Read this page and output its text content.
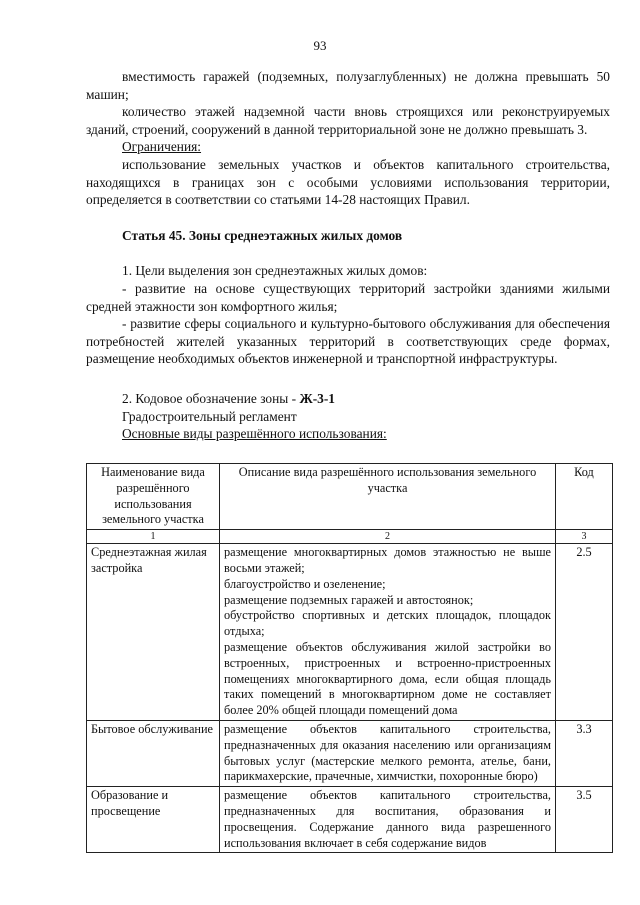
93

вместимость гаражей (подземных, полузаглубленных) не должна превышать 50 машин;

количество этажей надземной части вновь строящихся или реконструируемых зданий, строений, сооружений в данной территориальной зоне не должно превышать 3.

Ограничения:

использование земельных участков и объектов капитального строительства, находящихся в границах зон с особыми условиями использования территории, определяется в соответствии со статьями 14-28 настоящих Правил.

Статья 45. Зоны среднеэтажных жилых домов

1. Цели выделения зон среднеэтажных жилых домов:

- развитие на основе существующих территорий застройки зданиями жилыми средней этажности зон комфортного жилья;

- развитие сферы социального и культурно-бытового обслуживания для обеспечения потребностей жителей указанных территорий в соответствующих среде формах, размещение необходимых объектов инженерной и транспортной инфраструктуры.

2. Кодовое обозначение зоны - Ж-3-1

Градостроительный регламент

Основные виды разрешённого использования:

Наименование вида разрешённого использования земельного участка	Описание вида разрешённого использования земельного участка	Код
1	2	3
Среднеэтажная жилая застройка	размещение многоквартирных домов этажностью не выше восьми этажей;
благоустройство и озеленение;
размещение подземных гаражей и автостоянок;
обустройство спортивных и детских площадок, площадок отдыха;
размещение объектов обслуживания жилой застройки во встроенных, пристроенных и встроенно-пристроенных помещениях многоквартирного дома, если общая площадь таких помещений в многоквартирном доме не составляет более 20% общей площади помещений дома	2.5
Бытовое обслуживание	размещение объектов капитального строительства, предназначенных для оказания населению или организациям бытовых услуг (мастерские мелкого ремонта, ателье, бани, парикмахерские, прачечные, химчистки, похоронные бюро)	3.3
Образование и просвещение	размещение объектов капитального строительства, предназначенных для воспитания, образования и просвещения. Содержание данного вида разрешенного использования включает в себя содержание видов	3.5
